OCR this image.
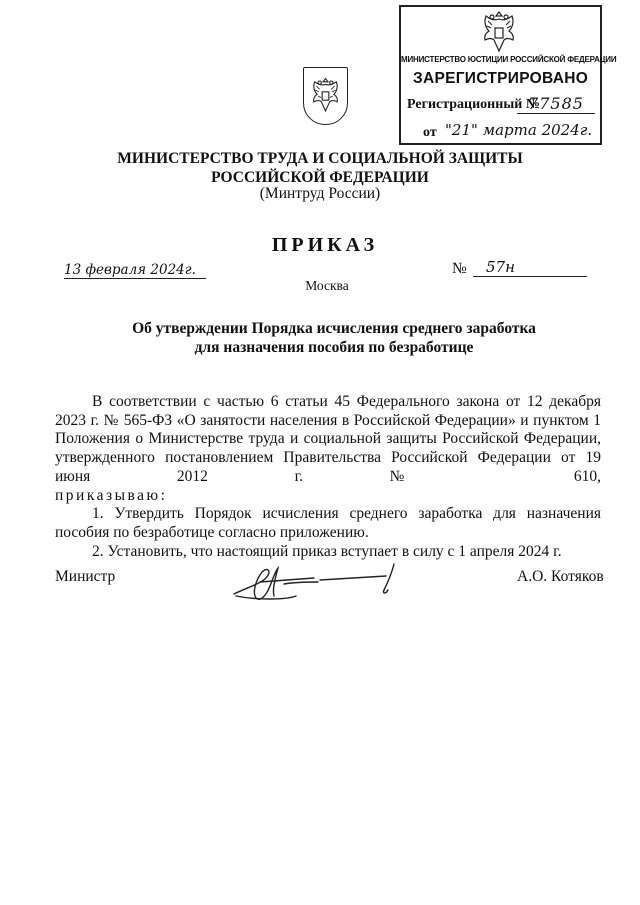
МИНИСТЕРСТВО ЮСТИЦИИ РОССИЙСКОЙ ФЕДЕРАЦИИ
ЗАРЕГИСТРИРОВАНО
Регистрационный №
77585
от "21" марта 2024г.
МИНИСТЕРСТВО ТРУДА И СОЦИАЛЬНОЙ ЗАЩИТЫ
РОССИЙСКОЙ ФЕДЕРАЦИИ
(Минтруд России)
ПРИКАЗ
13 февраля 2024г.	№ 57н
Москва
Об утверждении Порядка исчисления среднего заработка
для назначения пособия по безработице

В соответствии с частью 6 статьи 45 Федерального закона от 12 декабря 2023 г. № 565-ФЗ «О занятости населения в Российской Федерации» и пунктом 1 Положения о Министерстве труда и социальной защиты Российской Федерации, утвержденного постановлением Правительства Российской Федерации от 19 июня 2012 г. № 610,

приказываю:

1. Утвердить Порядок исчисления среднего заработка для назначения пособия по безработице согласно приложению.

2. Установить, что настоящий приказ вступает в силу с 1 апреля 2024 г.

Министр	А.О. Котяков
